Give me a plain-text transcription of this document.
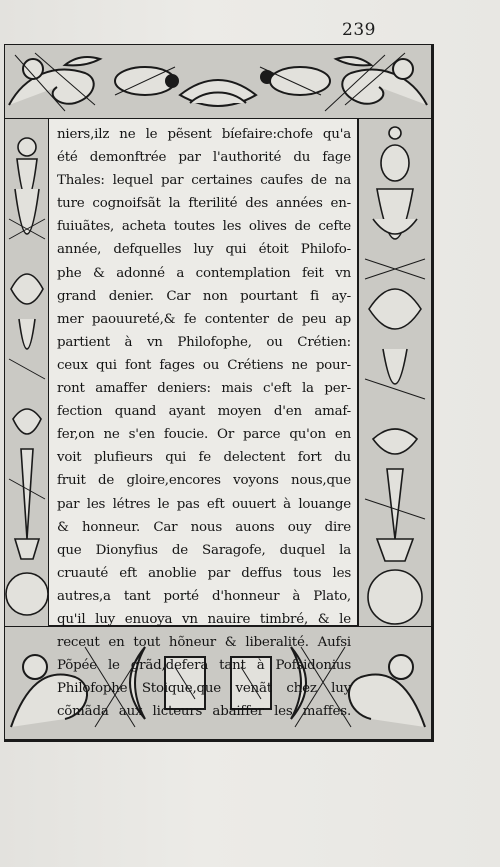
239
niers,ilz ne le pẽsent bíefaire:chofe qu'a
été demonftrée par l'authorité du fage
Thales: lequel par certaines caufes de na
ture cognoifsãt la fterilité des années en-
fuiuãtes, acheta toutes les olives de cefte
année, defquelles luy qui étoit Philofo-
phe & adonné a contemplation feit vn
grand denier. Car non pourtant fi ay-
mer paouureté,& fe contenter de peu ap
partient à vn Philofophe, ou Crétien:
ceux qui font fages ou Crétiens ne pour-
ront amaffer deniers: mais c'eft la per-
fection quand ayant moyen d'en amaf-
fer,on ne s'en foucie. Or parce qu'on en
voit plufieurs qui fe delectent fort du
fruit de gloire,encores voyons nous,que
par les létres le pas eft ouuert à louange
& honneur. Car nous auons ouy dire
que Dionyfius de Saragofe, duquel la
cruauté eft anoblie par deffus tous les
autres,a tant porté d'honneur à Plato,
qu'il luy enuoya vn nauire timbré, & le
receut en tout hõneur & liberalité. Aufsi
Põpée le grãd,defera tant à Pofsidonius
Philofophe Stoique,que venãt chez luy
cõmãda aux licteurs abaiffer les maffes.
